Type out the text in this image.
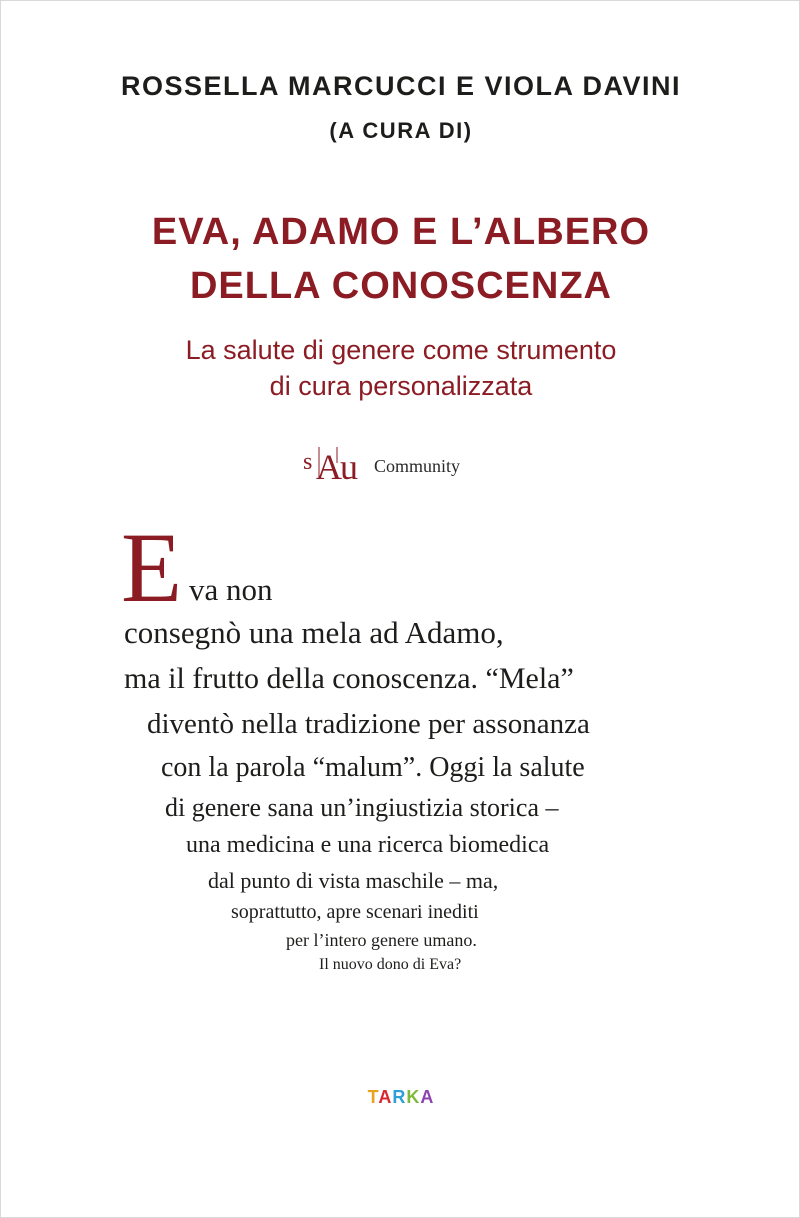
ROSSELLA MARCUCCI E VIOLA DAVINI
(A CURA DI)
EVA, ADAMO E L’ALBERO
DELLA CONOSCENZA
La salute di genere come strumento
di cura personalizzata
s A
u Community
E va non
consegnò una mela ad Adamo,
ma il frutto della conoscenza. “Mela”
diventò nella tradizione per assonanza
con la parola “malum”. Oggi la salute
di genere sana un’ingiustizia storica –
una medicina e una ricerca biomedica
dal punto di vista maschile – ma,
soprattutto, apre scenari inediti
per l’intero genere umano.
Il nuovo dono di Eva?
TARKA
